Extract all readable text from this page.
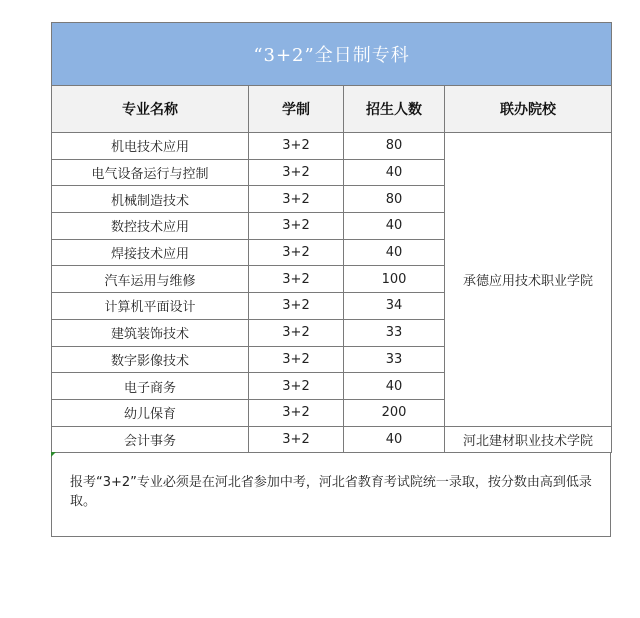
“3+2”全日制专科			
专业名称	学制	招生人数	联办院校
机电技术应用	3+2	80	承德应用技术职业学院
电气设备运行与控制	3+2	40	
机械制造技术	3+2	80	
数控技术应用	3+2	40	
焊接技术应用	3+2	40	
汽车运用与维修	3+2	100	
计算机平面设计	3+2	34	
建筑装饰技术	3+2	33	
数字影像技术	3+2	33	
电子商务	3+2	40	
幼儿保育	3+2	200	
会计事务	3+2	40	河北建材职业技术学院
报考“3+2”专业必须是在河北省参加中考，河北省教育考试院统一录取，按分数由高到低录取。
